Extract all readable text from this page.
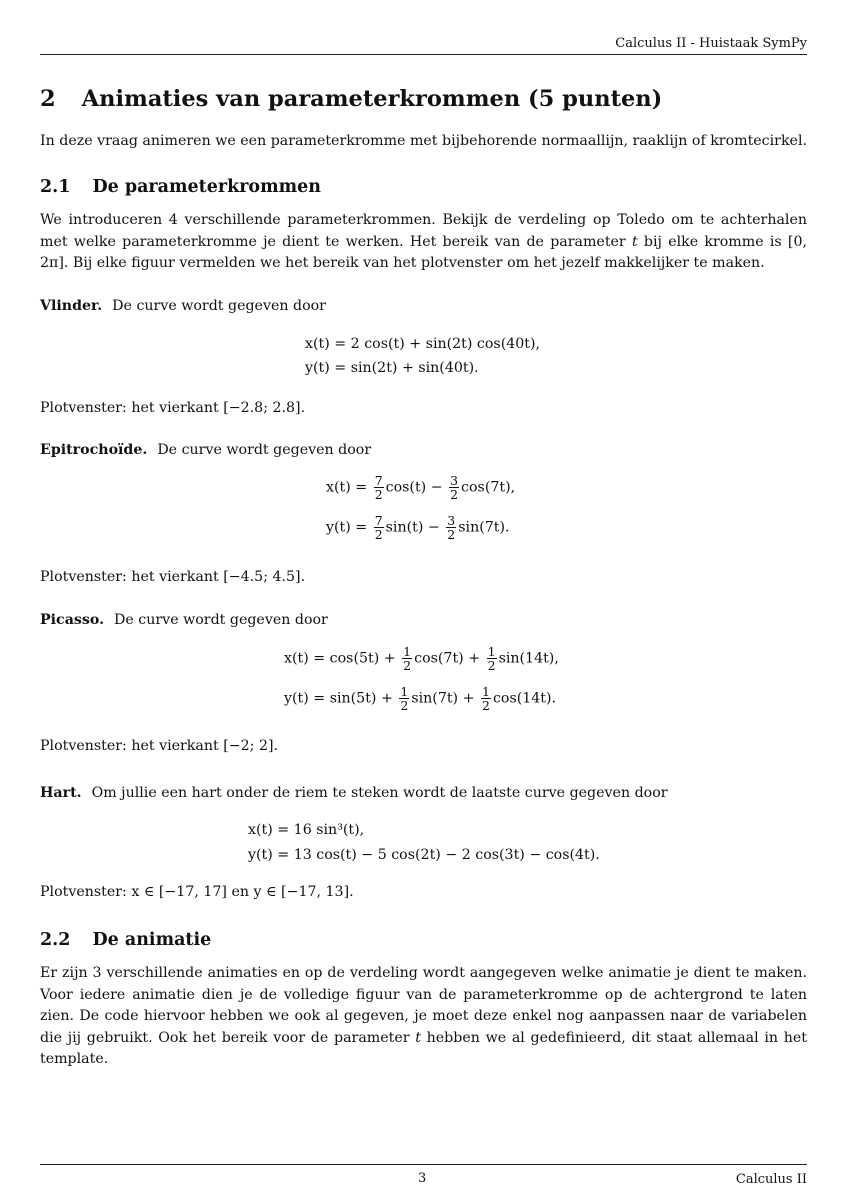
Calculus II - Huistaak SymPy
2 Animaties van parameterkrommen (5 punten)

In deze vraag animeren we een parameterkromme met bijbehorende normaallijn, raaklijn of kromtecirkel.

2.1 De parameterkrommen

We introduceren 4 verschillende parameterkrommen. Bekijk de verdeling op Toledo om te achterhalen met welke parameterkromme je dient te werken. Het bereik van de parameter t bij elke kromme is [0, 2π]. Bij elke figuur vermelden we het bereik van het plotvenster om het jezelf makkelijker te maken.

Vlinder. De curve wordt gegeven door
x(t) = 2 cos(t) + sin(2t) cos(40t),
y(t) = sin(2t) + sin(40t).
Plotvenster: het vierkant [−2.8; 2.8].
Epitrochoïde. De curve wordt gegeven door
$x(t) = \frac{7}{2} \cos(t) - \frac{3}{2} \cos(7t)$,
$y(t) = \frac{7}{2} \sin(t) - \frac{3}{2} \sin(7t)$.
Plotvenster: het vierkant [−4.5; 4.5].
Picasso. De curve wordt gegeven door
$x(t) = \cos(5t) + \frac{1}{2} \cos(7t) + \frac{1}{2} \sin(14t)$,
$y(t) = \sin(5t) + \frac{1}{2} \sin(7t) + \frac{1}{2} \cos(14t)$.
Plotvenster: het vierkant [−2; 2].
Hart. Om jullie een hart onder de riem te steken wordt de laatste curve gegeven door
x(t) = 16 sin³(t),
y(t) = 13 cos(t) − 5 cos(2t) − 2 cos(3t) − cos(4t).
Plotvenster: x ∈ [−17, 17] en y ∈ [−17, 13].
2.2 De animatie

Er zijn 3 verschillende animaties en op de verdeling wordt aangegeven welke animatie je dient te maken. Voor iedere animatie dien je de volledige figuur van de parameterkromme op de achtergrond te laten zien. De code hiervoor hebben we ook al gegeven, je moet deze enkel nog aanpassen naar de variabelen die jij gebruikt. Ook het bereik voor de parameter t hebben we al gedefinieerd, dit staat allemaal in het template.

3	Calculus II
